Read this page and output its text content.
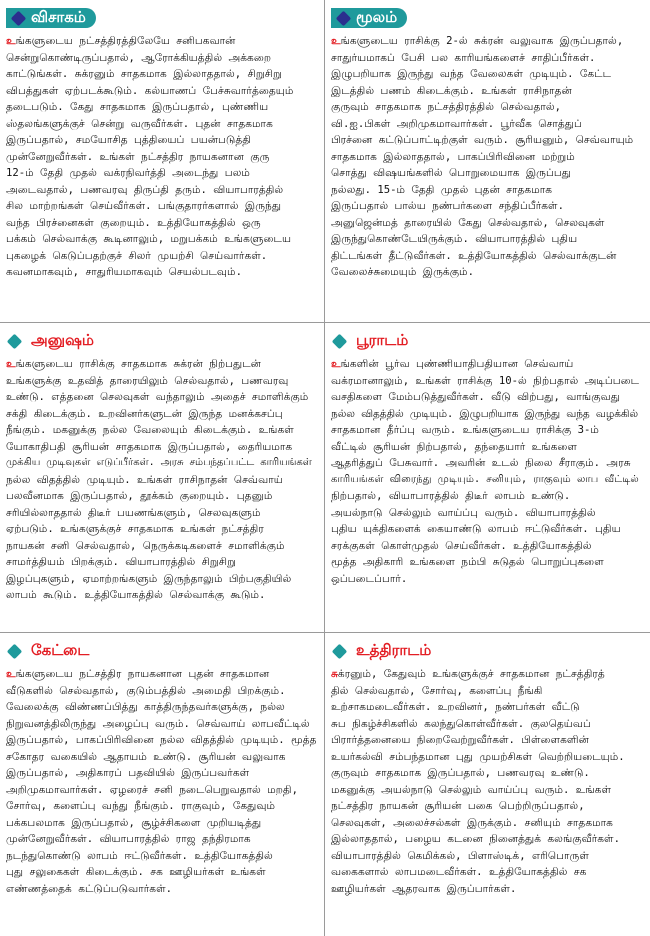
விசாகம்
உங்களுடைய நட்சத்திரத்திலேயே சனிபகவான்
சென்றுகொண்டிருப்பதால், ஆரோக்கியத்தில் அக்கறை
காட்டுங்கள். சுக்ரனும் சாதகமாக இல்லாததால், சிறுசிறு
விபத்துகள் ஏற்படக்கூடும். கல்யாணப் பேச்சுவார்த்தையும்
தடைபடும். கேது சாதகமாக இருப்பதால், புண்ணிய
ஸ்தலங்களுக்குச் சென்று வருவீர்கள். புதன் சாதகமாக
இருப்பதால், சமயோசித புத்தியைப் பயன்படுத்தி
முன்னேறுவீர்கள். உங்கள் நட்சத்திர நாயகனான குரு
12-ம் தேதி முதல் வக்ரநிவர்த்தி அடைந்து பலம்
அடைவதால், பணவரவு திருப்தி தரும். வியாபாரத்தில்
சில மாற்றங்கள் செய்வீர்கள். பங்குதாரர்களால் இருந்து
வந்த பிரச்னைகள் குறையும். உத்தியோகத்தில் ஒரு
பக்கம் செல்வாக்கு கூடினாலும், மறுபக்கம் உங்களுடைய
புகழைக் கெடுப்பதற்குச் சிலர் முயற்சி செய்வார்கள்.
கவனமாகவும், சாதுரியமாகவும் செயல்படவும்.
மூலம்
உங்களுடைய ராசிக்கு 2-ல் சுக்ரன் வலுவாக இருப்பதால்,
சாதுர்யமாகப் பேசி பல காரியங்களைச் சாதிப்பீர்கள்.
இழுபறியாக இருந்து வந்த வேலைகள் முடியும். கேட்ட
இடத்தில் பணம் கிடைக்கும். உங்கள் ராசிநாதன்
குருவும் சாதகமாக நட்சத்திரத்தில் செல்வதால்,
வி.ஐ.பிகள் அறிமுகமாவார்கள். பூர்வீக சொத்துப்
பிரச்னை கட்டுப்பாட்டிற்குள் வரும். சூரியனும், செவ்வாயும்
சாதகமாக இல்லாததால், பாகப்பிரிவினை மற்றும்
சொத்து விஷயங்களில் பொறுமையாக இருப்பது
நல்லது. 15-ம் தேதி முதல் புதன் சாதகமாக
இருப்பதால் பால்ய நண்பர்களை சந்திப்பீர்கள்.
அனுஜென்மத் தாரையில் கேது செல்வதால், செலவுகள்
இருந்துகொண்டேயிருக்கும். வியாபாரத்தில் புதிய
திட்டங்கள் தீட்டுவீர்கள். உத்தியோகத்தில் செல்வாக்குடன்
வேலைச்சுமையும் இருக்கும்.
அனுஷம்
உங்களுடைய ராசிக்கு சாதகமாக சுக்ரன் நிற்பதுடன்
உங்களுக்கு உதவித் தாரையிலும் செல்வதால், பணவரவு
உண்டு. எத்தனை செலவுகள் வந்தாலும் அதைச் சமாளிக்கும்
சக்தி கிடைக்கும். உறவினர்களுடன் இருந்த மனக்கசப்பு
நீங்கும். மகனுக்கு நல்ல வேலையும் கிடைக்கும். உங்கள்
யோகாதிபதி சூரியன் சாதகமாக இருப்பதால், தைரியமாக
முக்கிய முடிவுகள் எடுப்பீர்கள். அரசு சம்பந்தப்பட்ட காரியங்கள்
நல்ல விதத்தில் முடியும். உங்கள் ராசிநாதன் செவ்வாய்
பலவீனமாக இருப்பதால், தூக்கம் குறையும். புதனும்
சரியில்லாததால் திடீர் பயணங்களும், செலவுகளும்
ஏற்படும். உங்களுக்குச் சாதகமாக உங்கள் நட்சத்திர
நாயகன் சனி செல்வதால், நெருக்கடிகளைச் சமாளிக்கும்
சாமர்த்தியம் பிறக்கும். வியாபாரத்தில் சிறுசிறு
இழப்புகளும், ஏமாற்றங்களும் இருந்தாலும் பிற்பகுதியில்
லாபம் கூடும். உத்தியோகத்தில் செல்வாக்கு கூடும்.
பூராடம்
உங்களின் பூர்வ புண்ணியாதிபதியான செவ்வாய்
வக்ரமானாலும், உங்கள் ராசிக்கு 10-ல் நிற்பதால் அடிப்படை
வசதிகளை மேம்படுத்துவீர்கள். வீடு விற்பது, வாங்குவது
நல்ல விதத்தில் முடியும். இழுபறியாக இருந்து வந்த வழக்கில்
சாதகமான தீர்ப்பு வரும். உங்களுடைய ராசிக்கு 3-ம்
வீட்டில் சூரியன் நிற்பதால், தந்தையார் உங்களை
ஆதரித்துப் பேசுவார். அவரின் உடல் நிலை சீராகும். அரசு
காரியங்கள் விரைந்து முடியும். சனியும், ராகுவும் லாப வீட்டில்
நிற்பதால், வியாபாரத்தில் திடீர் லாபம் உண்டு.
அயல்நாடு செல்லும் வாய்ப்பு வரும். வியாபாரத்தில்
புதிய யுக்திகளைக் கையாண்டு லாபம் ஈட்டுவீர்கள். புதிய
சரக்குகள் கொள்முதல் செய்வீர்கள். உத்தியோகத்தில்
மூத்த அதிகாரி உங்களை நம்பி சுடுதல் பொறுப்புகளை
ஒப்படைப்பார்.
கேட்டை
உங்களுடைய நட்சத்திர நாயகனான புதன் சாதகமான
வீடுகளில் செல்வதால், குடும்பத்தில் அமைதி பிறக்கும்.
வேலைக்கு விண்ணப்பித்து காத்திருந்தவர்களுக்கு, நல்ல
நிறுவனத்திலிருந்து அழைப்பு வரும். செவ்வாய் லாபவீட்டில்
இருப்பதால், பாகப்பிரிவினை நல்ல விதத்தில் முடியும். மூத்த
சகோதர வகையில் ஆதாயம் உண்டு. சூரியன் வலுவாக
இருப்பதால், அதிகாரப் பதவியில் இருப்பவர்கள்
அறிமுகமாவார்கள். ஏழரைச் சனி நடைபெறுவதால் மறதி,
சோர்வு, களைப்பு வந்து நீங்கும். ராகுவும், கேதுவும்
பக்கபலமாக இருப்பதால், சூழ்ச்சிகளை முறியடித்து
முன்னேறுவீர்கள். வியாபாரத்தில் ராஜ தந்திரமாக
நடந்துகொண்டு லாபம் ஈட்டுவீர்கள். உத்தியோகத்தில்
புது சலுகைகள் கிடைக்கும். சக ஊழியர்கள் உங்கள்
எண்ணத்தைக் கட்டுப்படுவார்கள்.
உத்திராடம்
சுக்ரனும், கேதுவும் உங்களுக்குச் சாதகமான நட்சத்திரத்
தில் செல்வதால், சோர்வு, களைப்பு நீங்கி
உற்சாகமடைவீர்கள். உறவினர், நண்பர்கள் வீட்டு
சுப நிகழ்ச்சிகளில் கலந்துகொள்வீர்கள். குலதெய்வப்
பிரார்த்தனையை நிறைவேற்றுவீர்கள். பிள்ளைகளின்
உயர்கல்வி சம்பந்தமான புது முயற்சிகள் வெற்றியடையும்.
குருவும் சாதகமாக இருப்பதால், பணவரவு உண்டு.
மகனுக்கு அயல்நாடு செல்லும் வாய்ப்பு வரும். உங்கள்
நட்சத்திர நாயகன் சூரியன் பகை பெற்றிருப்பதால்,
செலவுகள், அலைச்சல்கள் இருக்கும். சனியும் சாதகமாக
இல்லாததால், பழைய கடனை நினைத்துக் கலங்குவீர்கள்.
வியாபாரத்தில் கெமிக்கல், பிளாஸ்டிக், எரிபொருள்
வகைகளால் லாபமடைவீர்கள். உத்தியோகத்தில் சக
ஊழியர்கள் ஆதரவாக இருப்பார்கள்.
